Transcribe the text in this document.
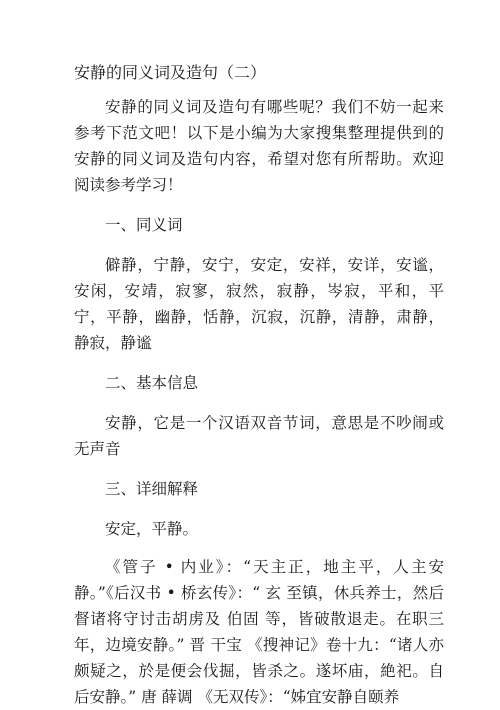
安静的同义词及造句（二）

安静的同义词及造句有哪些呢？我们不妨一起来参考下范文吧！以下是小编为大家搜集整理提供到的安静的同义词及造句内容，希望对您有所帮助。欢迎阅读参考学习！

一、同义词

僻静，宁静，安宁，安定，安祥，安详，安谧，安闲，安靖，寂寥，寂然，寂静，岑寂，平和，平宁，平静，幽静，恬静，沉寂，沉静，清静，肃静，静寂，静谧

二、基本信息

安静，它是一个汉语双音节词，意思是不吵闹或无声音

三、详细解释

安定，平静。

《管子 • 内业》：“天主正，地主平，人主安静。”《后汉书 • 桥玄传》：“ 玄 至镇，休兵养士，然后督诸将守讨击胡虏及 伯固 等，皆破散退走。在职三年，边境安静。” 晋 干宝 《搜神记》卷十九：“诸人亦颇疑之，於是便会伐掘，皆杀之。遂坏庙，絶祀。自后安静。” 唐 薛调 《无双传》：“姊宜安静自颐养
